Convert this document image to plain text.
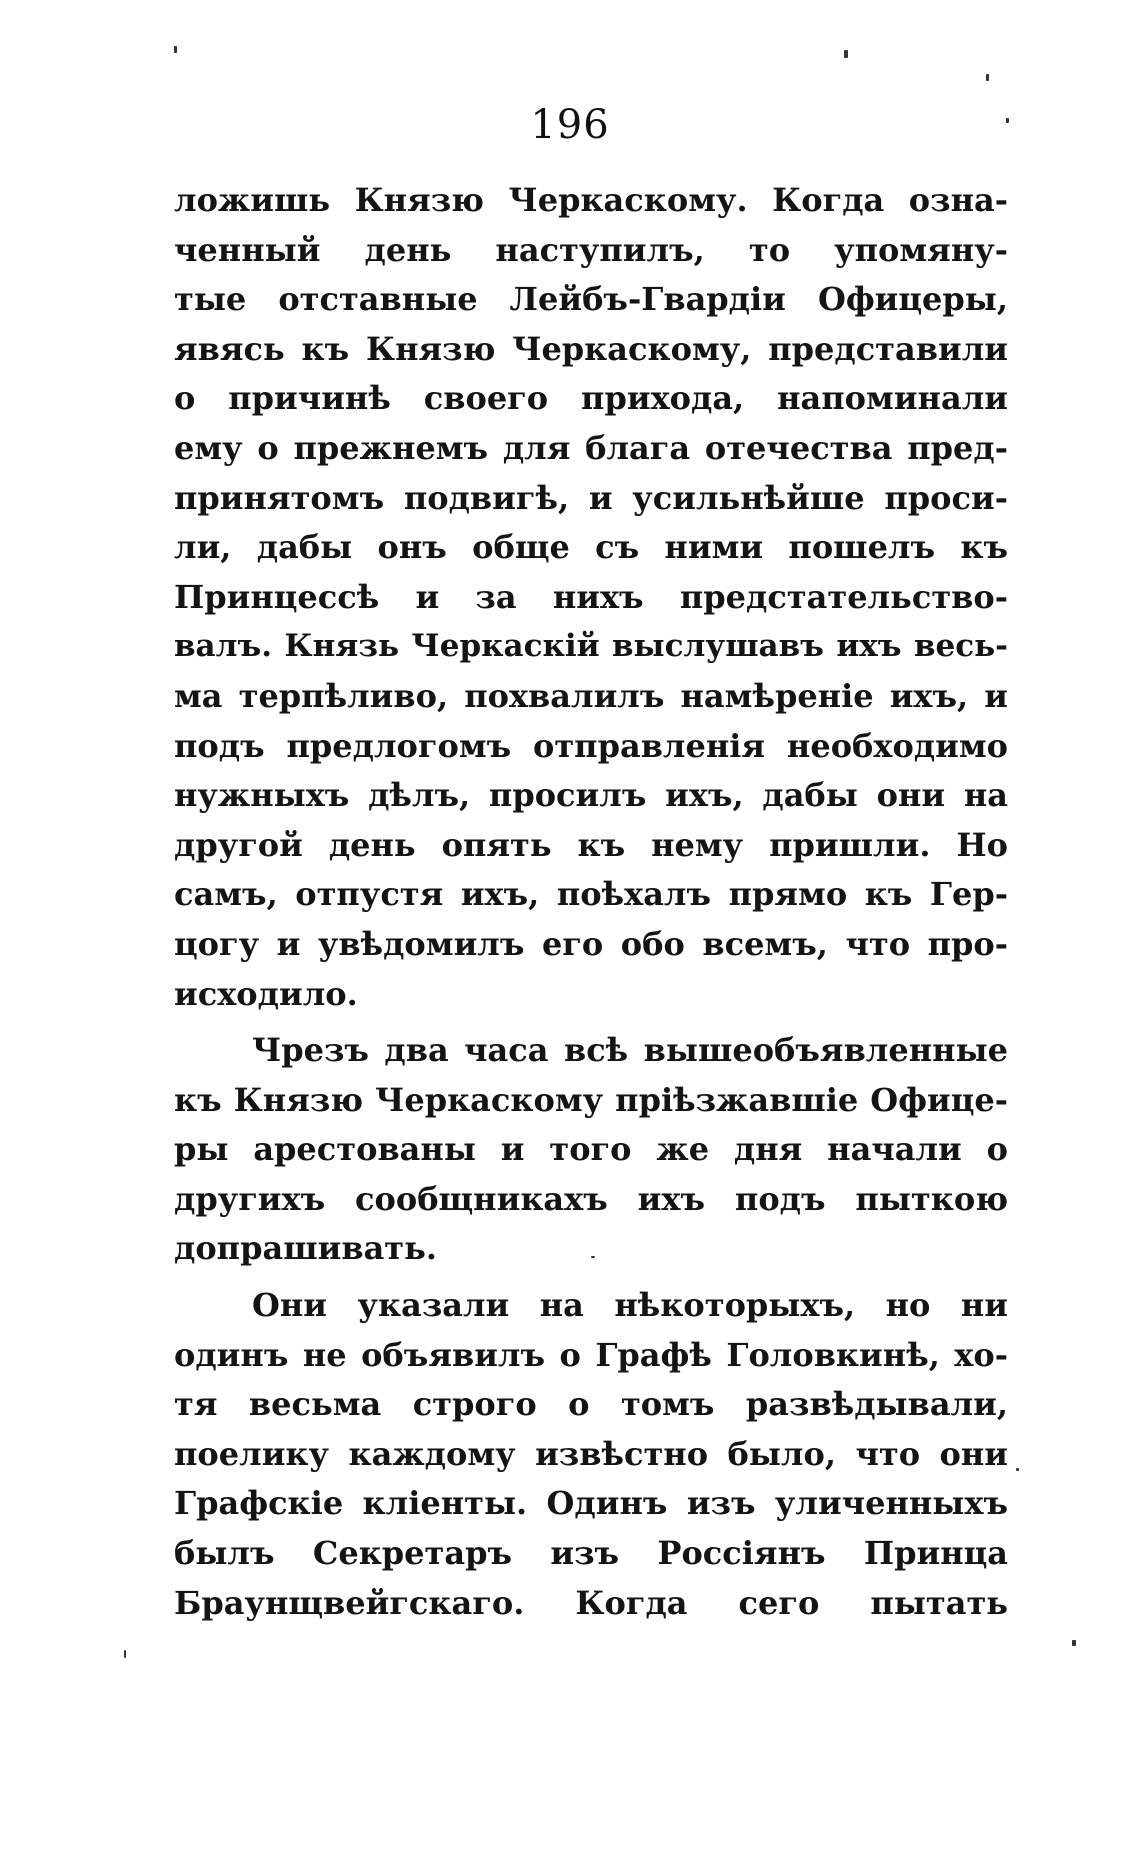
196
ложишь Князю Черкаскому. Когда озна-
ченный день наступилъ, то упомяну-
тые отставные Лейбъ-Гвардіи Офицеры,
явясь къ Князю Черкаскому, представили
о причинѣ своего прихода, напоминали
ему о прежнемъ для блага отечества пред-
принятомъ подвигѣ, и усильнѣйше проси-
ли, дабы онъ обще съ ними пошелъ къ
Принцессѣ и за нихъ предстательство-
валъ. Князь Черкаскій выслушавъ ихъ весь-
ма терпѣливо, похвалилъ намѣреніе ихъ, и
подъ предлогомъ отправленія необходимо
нужныхъ дѣлъ, просилъ ихъ, дабы они на
другой день опять къ нему пришли. Но
самъ, отпустя ихъ, поѣхалъ прямо къ Гер-
цогу и увѣдомилъ его обо всемъ, что про-
исходило.
Чрезъ два часа всѣ вышеобъявленные
къ Князю Черкаскому пріѣзжавшіе Офице-
ры арестованы и того же дня начали о
другихъ сообщникахъ ихъ подъ пыткою
допрашивать.
Они указали на нѣкоторыхъ, но ни
одинъ не объявилъ о Графѣ Головкинѣ, хо-
тя весьма строго о томъ развѣдывали,
поелику каждому извѣстно было, что они
Графскіе кліенты. Одинъ изъ уличенныхъ
былъ Секретаръ изъ Россіянъ Принца
Браунщвейгскаго. Когда сего пытать
